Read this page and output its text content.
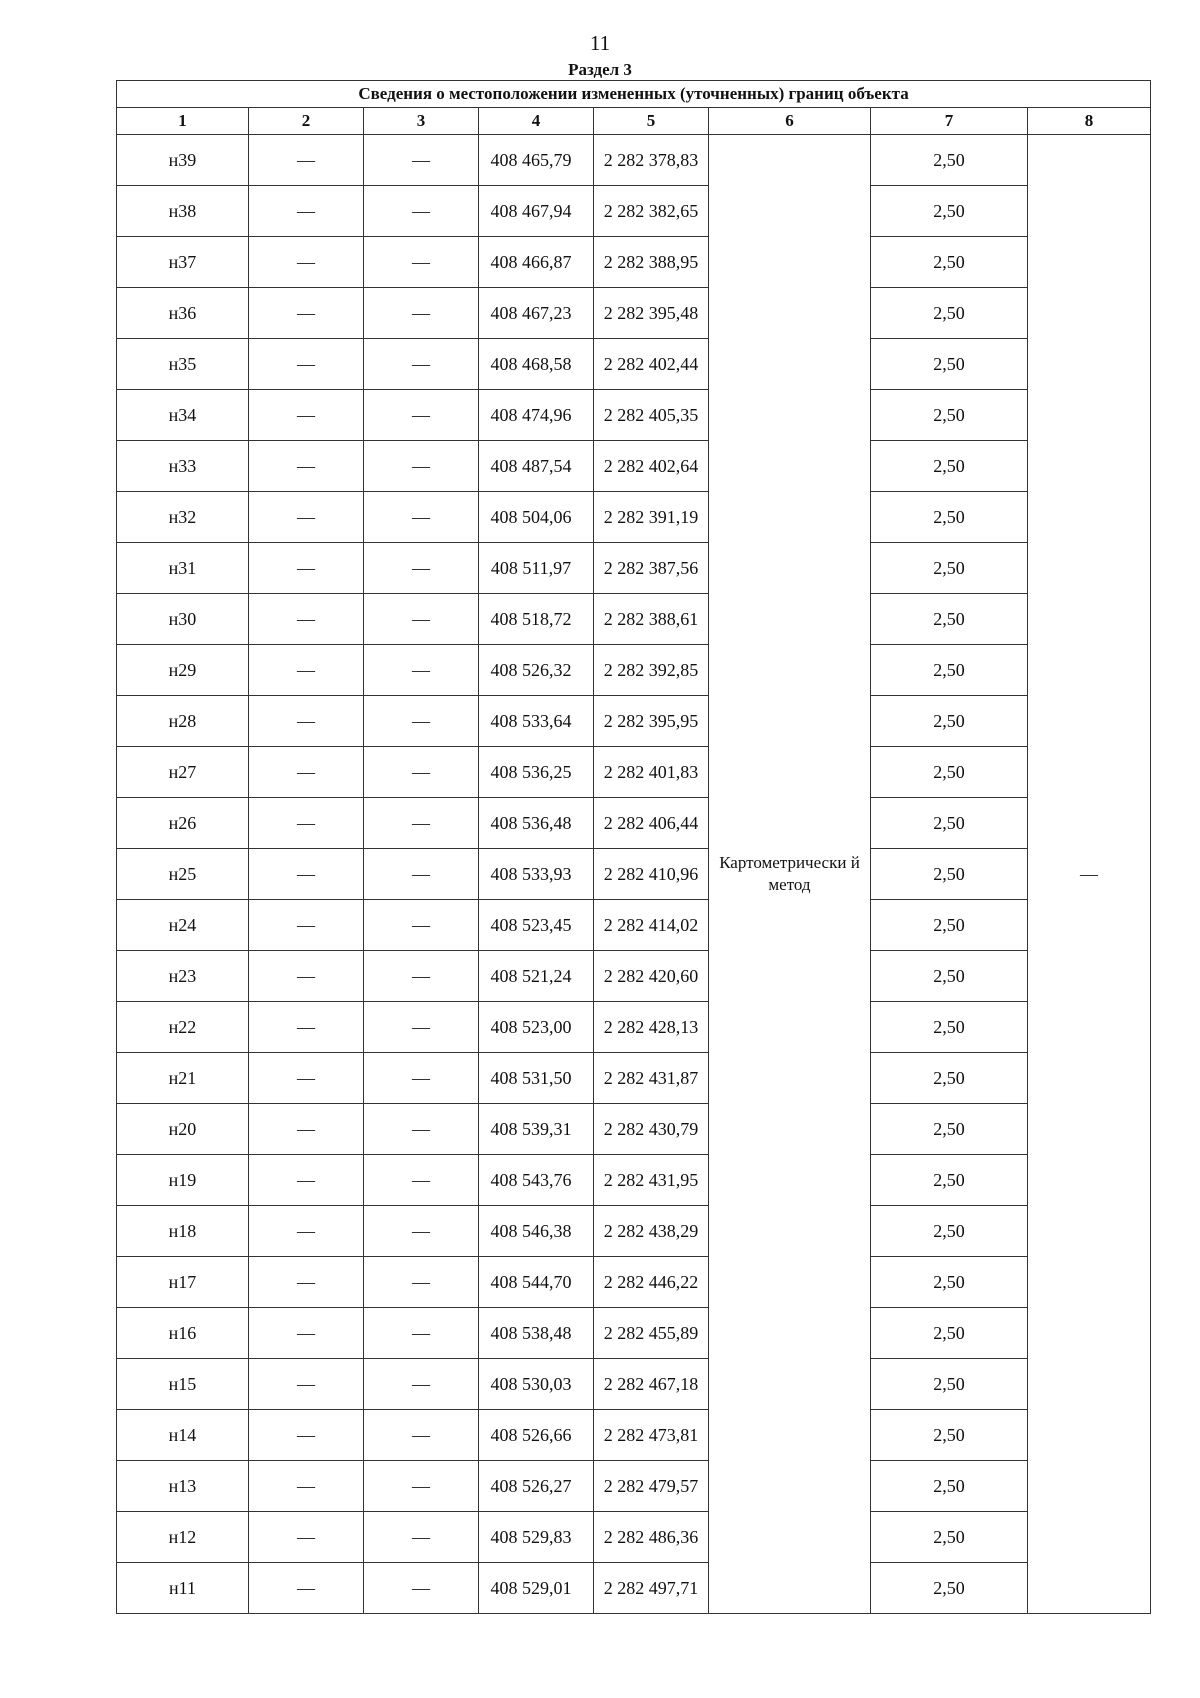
11
Раздел 3
Сведения о местоположении измененных (уточненных) границ объекта							
1	2	3	4	5	6	7	8
н39	—	—	408 465,79	2 282 378,83	Картометрически й метод	2,50	—
н38	—	—	408 467,94	2 282 382,65		2,50	
н37	—	—	408 466,87	2 282 388,95		2,50	
н36	—	—	408 467,23	2 282 395,48		2,50	
н35	—	—	408 468,58	2 282 402,44		2,50	
н34	—	—	408 474,96	2 282 405,35		2,50	
н33	—	—	408 487,54	2 282 402,64		2,50	
н32	—	—	408 504,06	2 282 391,19		2,50	
н31	—	—	408 511,97	2 282 387,56		2,50	
н30	—	—	408 518,72	2 282 388,61		2,50	
н29	—	—	408 526,32	2 282 392,85		2,50	
н28	—	—	408 533,64	2 282 395,95		2,50	
н27	—	—	408 536,25	2 282 401,83		2,50	
н26	—	—	408 536,48	2 282 406,44		2,50	
н25	—	—	408 533,93	2 282 410,96		2,50	
н24	—	—	408 523,45	2 282 414,02		2,50	
н23	—	—	408 521,24	2 282 420,60		2,50	
н22	—	—	408 523,00	2 282 428,13		2,50	
н21	—	—	408 531,50	2 282 431,87		2,50	
н20	—	—	408 539,31	2 282 430,79		2,50	
н19	—	—	408 543,76	2 282 431,95		2,50	
н18	—	—	408 546,38	2 282 438,29		2,50	
н17	—	—	408 544,70	2 282 446,22		2,50	
н16	—	—	408 538,48	2 282 455,89		2,50	
н15	—	—	408 530,03	2 282 467,18		2,50	
н14	—	—	408 526,66	2 282 473,81		2,50	
н13	—	—	408 526,27	2 282 479,57		2,50	
н12	—	—	408 529,83	2 282 486,36		2,50	
н11	—	—	408 529,01	2 282 497,71		2,50	
